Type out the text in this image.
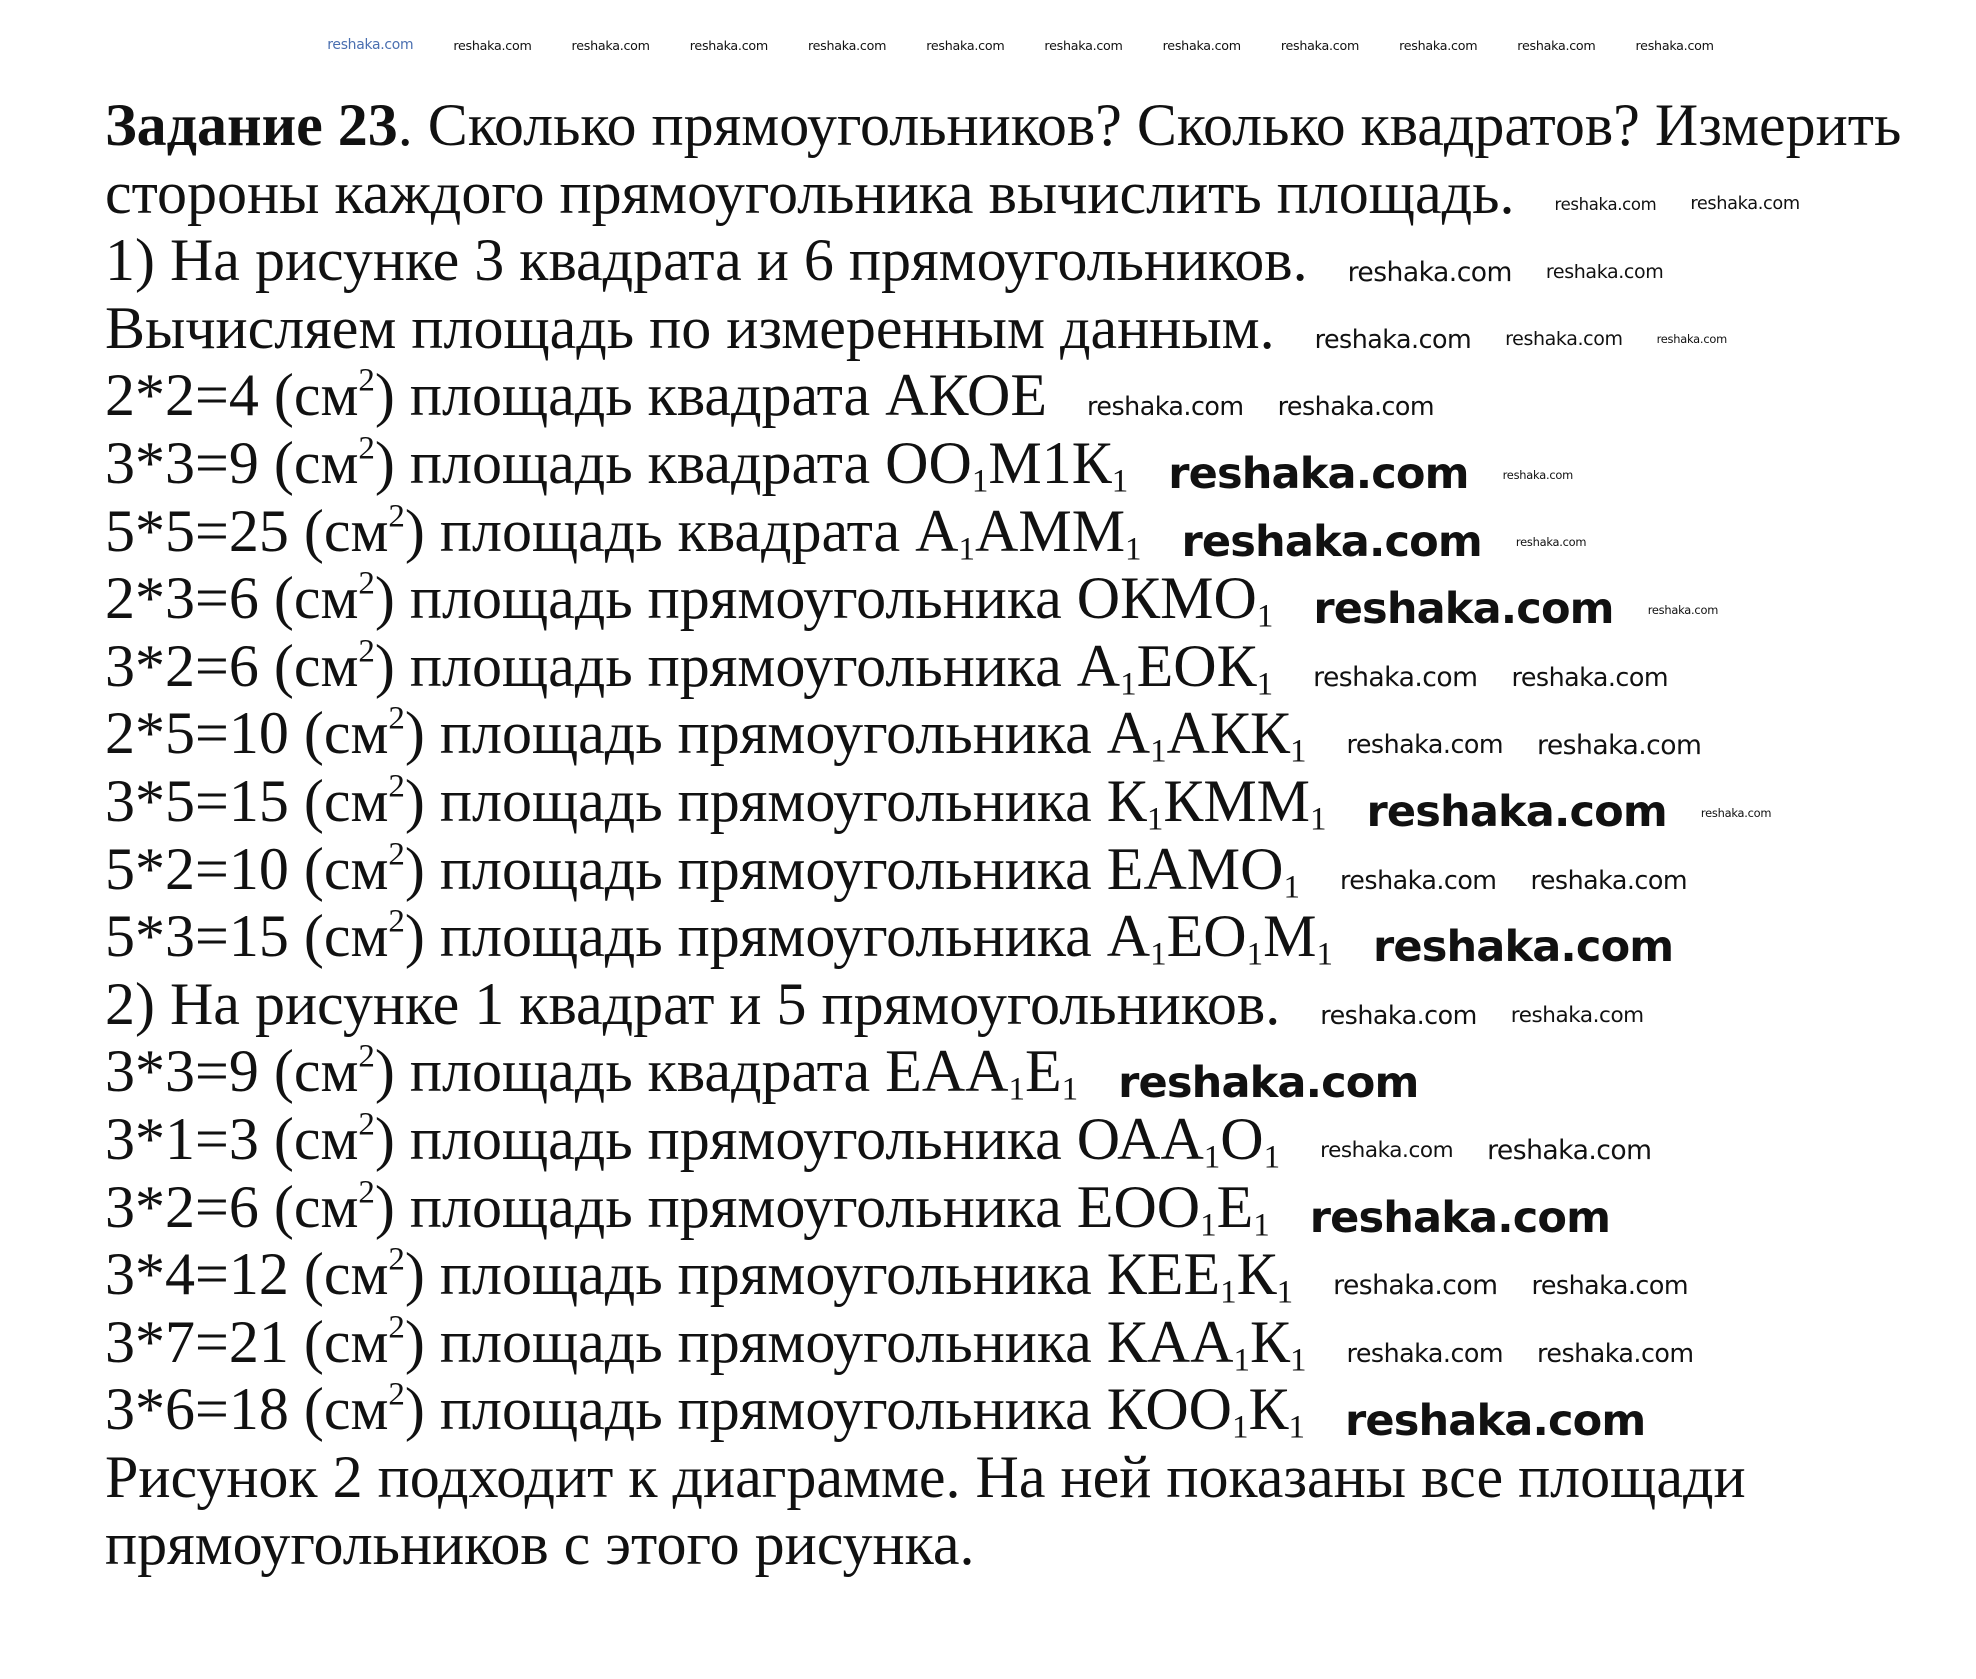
reshaka.com	reshaka.com	reshaka.com	reshaka.com	reshaka.com	reshaka.com	reshaka.com	reshaka.com	reshaka.com	reshaka.com	reshaka.com	reshaka.com
Задание 23. Сколько прямоугольников? Сколько квадратов? Измерить
стороны каждого прямоугольника вычислить площадь. reshaka.com reshaka.com
1) На рисунке 3 квадрата и 6 прямоугольников. reshaka.com reshaka.com
Вычисляем площадь по измеренным данным. reshaka.com reshaka.com	reshaka.com
2*2=4 $(см^2)$ площадь квадрата АКОЕ reshaka.com reshaka.com
3*3=9 $(см^2)$ площадь квадрата $ОО_1М1К_1$ reshaka.com	reshaka.com
5*5=25 $(см^2)$ площадь квадрата $А_1АММ_1$ reshaka.com	reshaka.com
2*3=6 $(см^2)$ площадь прямоугольника $ОКМО_1$ reshaka.com	reshaka.com
3*2=6 $(см^2)$ площадь прямоугольника $А_1ЕОК_1$ reshaka.com reshaka.com
2*5=10 $(см^2)$ площадь прямоугольника $А_1АКК_1$ reshaka.com reshaka.com
3*5=15 $(см^2)$ площадь прямоугольника $К_1КММ_1$ reshaka.com	reshaka.com
5*2=10 $(см^2)$ площадь прямоугольника $ЕАМО_1$ reshaka.com reshaka.com
5*3=15 $(см^2)$ площадь прямоугольника $А_1ЕО_1М_1$ reshaka.com
2) На рисунке 1 квадрат и 5 прямоугольников. reshaka.com reshaka.com
3*3=9 $(см^2)$ площадь квадрата $ЕАА_1Е_1$ reshaka.com
3*1=3 $(см^2)$ площадь прямоугольника $ОАА_1О_1$ reshaka.com reshaka.com
3*2=6 $(см^2)$ площадь прямоугольника $ЕОО_1Е_1$ reshaka.com
3*4=12 $(см^2)$ площадь прямоугольника $КЕЕ_1К_1$ reshaka.com reshaka.com
3*7=21 $(см^2)$ площадь прямоугольника $КАА_1К_1$ reshaka.com reshaka.com
3*6=18 $(см^2)$ площадь прямоугольника $КОО_1К_1$ reshaka.com
Рисунок 2 подходит к диаграмме. На ней показаны все площади
прямоугольников с этого рисунка.
